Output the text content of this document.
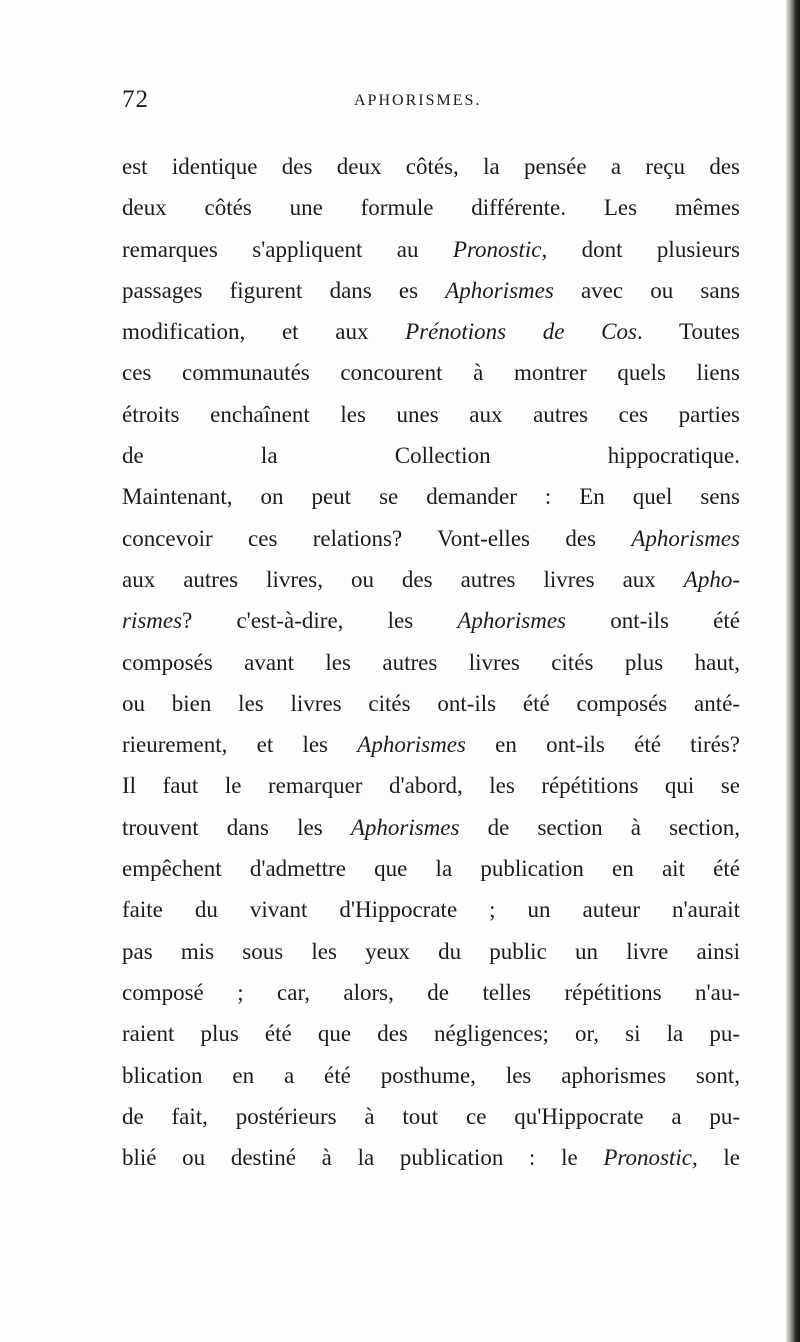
72	APHORISMES.
est identique des deux côtés, la pensée a reçu des
deux côtés une formule différente. Les mêmes
remarques s'appliquent au Pronostic, dont plusieurs
passages figurent dans es Aphorismes avec ou sans
modification, et aux Prénotions de Cos. Toutes
ces communautés concourent à montrer quels liens
étroits enchaînent les unes aux autres ces parties
de la Collection hippocratique.
Maintenant, on peut se demander : En quel sens
concevoir ces relations? Vont-elles des Aphorismes
aux autres livres, ou des autres livres aux Apho-
rismes? c'est-à-dire, les Aphorismes ont-ils été
composés avant les autres livres cités plus haut,
ou bien les livres cités ont-ils été composés anté-
rieurement, et les Aphorismes en ont-ils été tirés?
Il faut le remarquer d'abord, les répétitions qui se
trouvent dans les Aphorismes de section à section,
empêchent d'admettre que la publication en ait été
faite du vivant d'Hippocrate ; un auteur n'aurait
pas mis sous les yeux du public un livre ainsi
composé ; car, alors, de telles répétitions n'au-
raient plus été que des négligences; or, si la pu-
blication en a été posthume, les aphorismes sont,
de fait, postérieurs à tout ce qu'Hippocrate a pu-
blié ou destiné à la publication : le Pronostic, le
